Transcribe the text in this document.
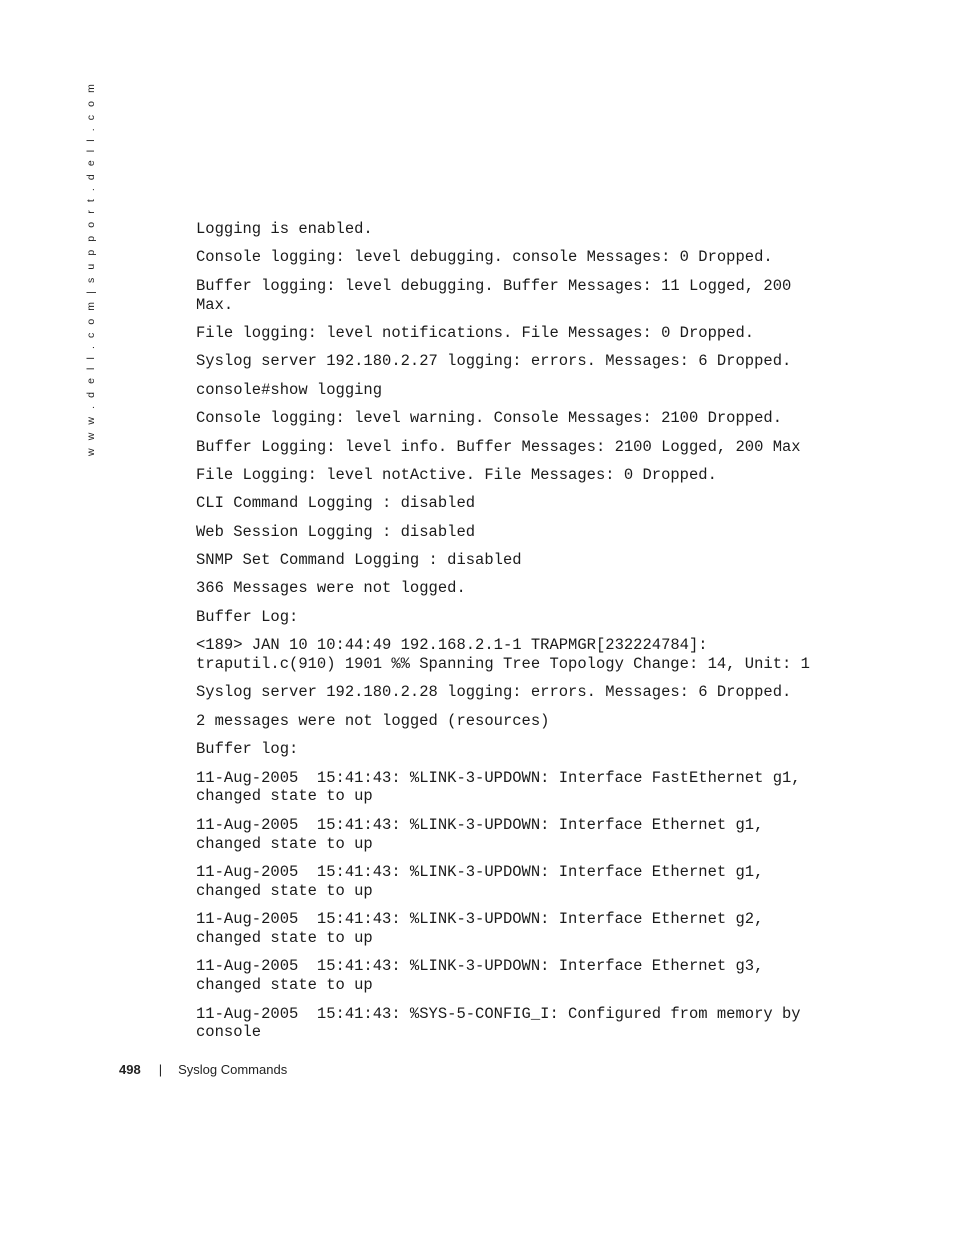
w w w . d e l l . c o m | s u p p o r t . d e l l . c o m	Logging is enabled.

Console logging: level debugging. console Messages: 0 Dropped.

Buffer logging: level debugging. Buffer Messages: 11 Logged, 200
Max.

File logging: level notifications. File Messages: 0 Dropped.

Syslog server 192.180.2.27 logging: errors. Messages: 6 Dropped.

console#show logging

Console logging: level warning. Console Messages: 2100 Dropped.

Buffer Logging: level info. Buffer Messages: 2100 Logged, 200 Max

File Logging: level notActive. File Messages: 0 Dropped.

CLI Command Logging : disabled

Web Session Logging : disabled

SNMP Set Command Logging : disabled

366 Messages were not logged.

Buffer Log:

<189> JAN 10 10:44:49 192.168.2.1-1 TRAPMGR[232224784]:
traputil.c(910) 1901 %% Spanning Tree Topology Change: 14, Unit: 1

Syslog server 192.180.2.28 logging: errors. Messages: 6 Dropped.

2 messages were not logged (resources)

Buffer log:

11-Aug-2005  15:41:43: %LINK-3-UPDOWN: Interface FastEthernet g1,
changed state to up

11-Aug-2005  15:41:43: %LINK-3-UPDOWN: Interface Ethernet g1,
changed state to up

11-Aug-2005  15:41:43: %LINK-3-UPDOWN: Interface Ethernet g1,
changed state to up

11-Aug-2005  15:41:43: %LINK-3-UPDOWN: Interface Ethernet g2,
changed state to up

11-Aug-2005  15:41:43: %LINK-3-UPDOWN: Interface Ethernet g3,
changed state to up

11-Aug-2005  15:41:43: %SYS-5-CONFIG_I: Configured from memory by
console

498 | Syslog Commands
